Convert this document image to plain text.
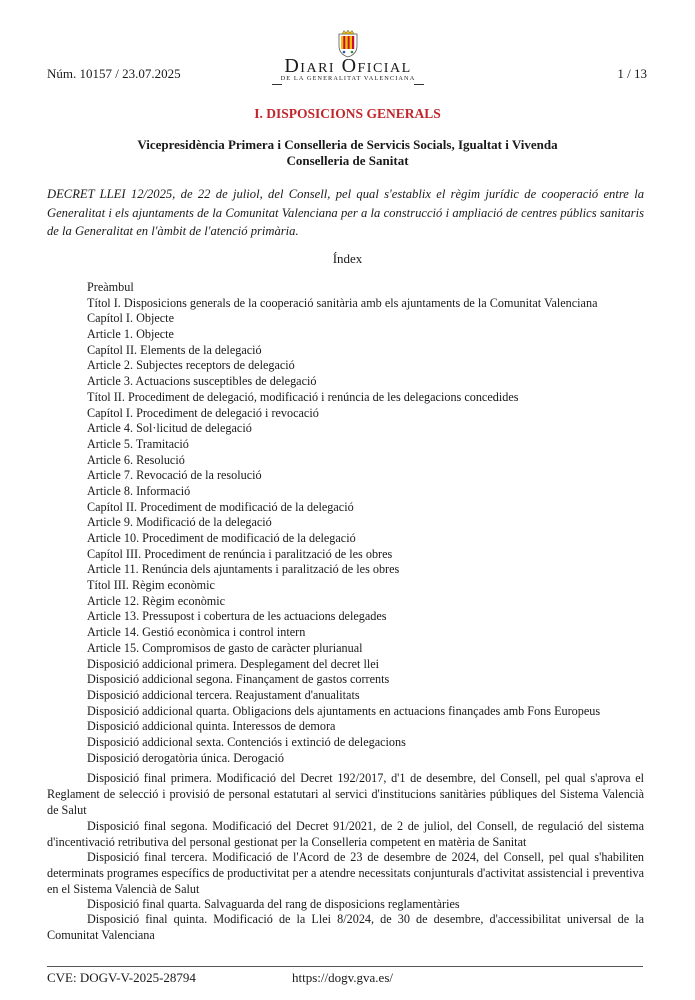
Núm. 10157 / 23.07.2025	Diari Oficial
DE LA GENERALITAT VALENCIANA	1 / 13
I. DISPOSICIONS GENERALS
Vicepresidència Primera i Conselleria de Servicis Socials, Igualtat i Vivenda
Conselleria de Sanitat
DECRET LLEI 12/2025, de 22 de juliol, del Consell, pel qual s'establix el règim jurídic de cooperació entre la Generalitat i els ajuntaments de la Comunitat Valenciana per a la construcció i ampliació de centres públics sanitaris de la Generalitat en l'àmbit de l'atenció primària.
Índex
Preàmbul
Títol I. Disposicions generals de la cooperació sanitària amb els ajuntaments de la Comunitat Valenciana
Capítol I. Objecte
Article 1. Objecte
Capítol II. Elements de la delegació
Article 2. Subjectes receptors de delegació
Article 3. Actuacions susceptibles de delegació
Títol II. Procediment de delegació, modificació i renúncia de les delegacions concedides
Capítol I. Procediment de delegació i revocació
Article 4. Sol·licitud de delegació
Article 5. Tramitació
Article 6. Resolució
Article 7. Revocació de la resolució
Article 8. Informació
Capítol II. Procediment de modificació de la delegació
Article 9. Modificació de la delegació
Article 10. Procediment de modificació de la delegació
Capítol III. Procediment de renúncia i paralització de les obres
Article 11. Renúncia dels ajuntaments i paralització de les obres
Títol III. Règim econòmic
Article 12. Règim econòmic
Article 13. Pressupost i cobertura de les actuacions delegades
Article 14. Gestió econòmica i control intern
Article 15. Compromisos de gasto de caràcter plurianual
Disposició addicional primera. Desplegament del decret llei
Disposició addicional segona. Finançament de gastos corrents
Disposició addicional tercera. Reajustament d'anualitats
Disposició addicional quarta. Obligacions dels ajuntaments en actuacions finançades amb Fons Europeus
Disposició addicional quinta. Interessos de demora
Disposició addicional sexta. Contenciós i extinció de delegacions
Disposició derogatòria única. Derogació

Disposició final primera. Modificació del Decret 192/2017, d'1 de desembre, del Consell, pel qual s'aprova el Reglament de selecció i provisió de personal estatutari al servici d'institucions sanitàries públiques del Sistema Valencià de Salut

Disposició final segona. Modificació del Decret 91/2021, de 2 de juliol, del Consell, de regulació del sistema d'incentivació retributiva del personal gestionat per la Conselleria competent en matèria de Sanitat

Disposició final tercera. Modificació de l'Acord de 23 de desembre de 2024, del Consell, pel qual s'habiliten determinats programes específics de productivitat per a atendre necessitats conjunturals d'activitat assistencial i preventiva en el Sistema Valencià de Salut

Disposició final quarta. Salvaguarda del rang de disposicions reglamentàries

Disposició final quinta. Modificació de la Llei 8/2024, de 30 de desembre, d'accessibilitat universal de la Comunitat Valenciana

CVE: DOGV-V-2025-28794	https://dogv.gva.es/
